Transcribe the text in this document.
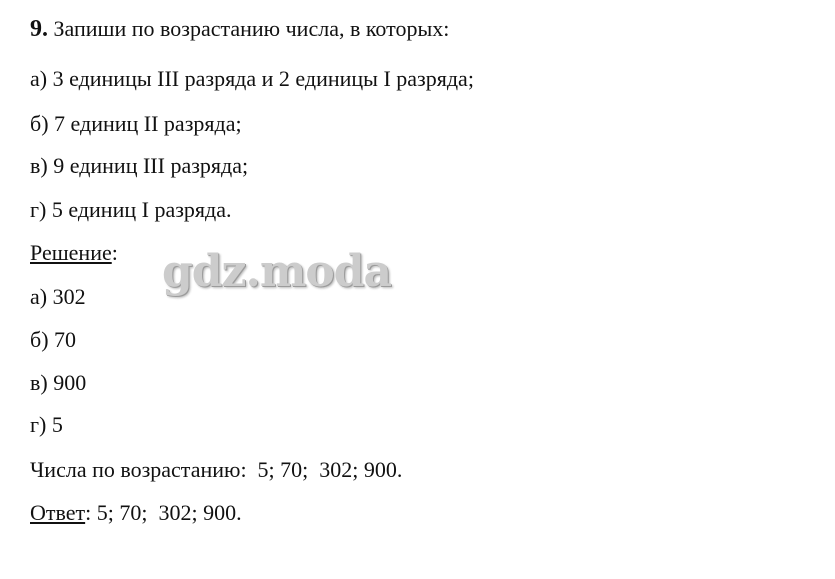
9. Запиши по возрастанию числа, в которых:
а) 3 единицы III разряда и 2 единицы I разряда;
б) 7 единиц II разряда;
в) 9 единиц III разряда;
г) 5 единиц I разряда.
Решение:
а) 302
б) 70
в) 900
г) 5
Числа по возрастанию:  5; 70;  302; 900.
Ответ: 5; 70;  302; 900.
gdz.moda
